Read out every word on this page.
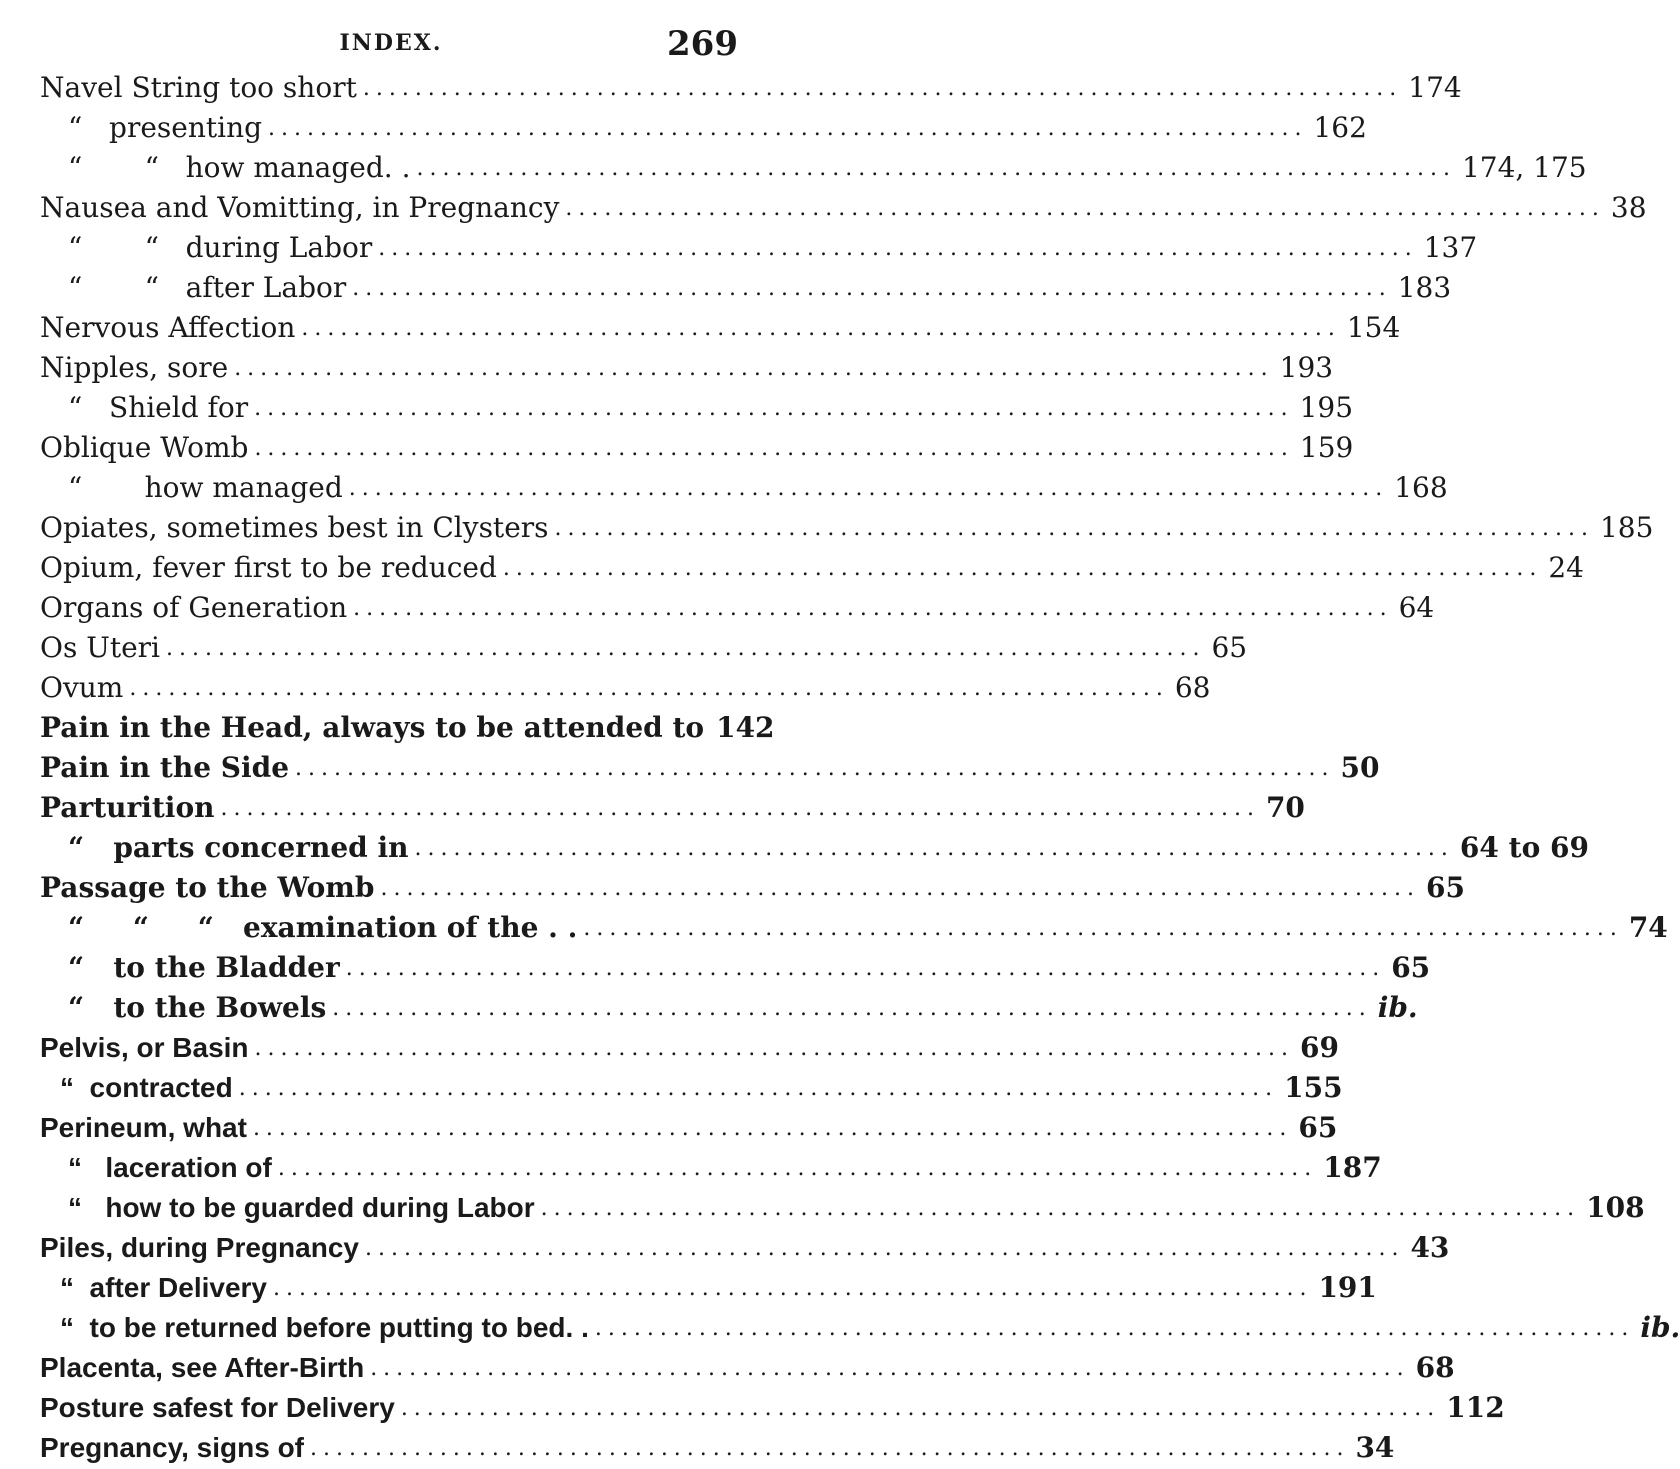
INDEX.	269
Navel String too short ................................................................................ 174
“   presenting ................................................................................ 162
“       “   how managed. . ................................................................................ 174, 175
Nausea and Vomitting, in Pregnancy ................................................................................ 38
“       “   during Labor ................................................................................ 137
“       “   after Labor ................................................................................ 183
Nervous Affection ................................................................................ 154
Nipples, sore ................................................................................ 193
“   Shield for ................................................................................ 195
Oblique Womb ................................................................................ 159
“       how managed ................................................................................ 168
Opiates, sometimes best in Clysters ................................................................................ 185
Opium, fever first to be reduced ................................................................................ 24
Organs of Generation ................................................................................ 64
Os Uteri ................................................................................ 65
Ovum ................................................................................ 68
Pain in the Head, always to be attended to 142
Pain in the Side ................................................................................ 50
Parturition ................................................................................ 70
“   parts concerned in ................................................................................ 64 to 69
Passage to the Womb ................................................................................ 65
“     “     “   examination of the . . ................................................................................ 74
“   to the Bladder ................................................................................ 65
“   to the Bowels ................................................................................ ib.
Pelvis, or Basin ................................................................................ 69
“  contracted ................................................................................ 155
Perineum, what ................................................................................ 65
“   laceration of ................................................................................ 187
“   how to be guarded during Labor ................................................................................ 108
Piles, during Pregnancy ................................................................................ 43
“  after Delivery ................................................................................ 191
“  to be returned before putting to bed. . ................................................................................ ib.
Placenta, see After-Birth ................................................................................ 68
Posture safest for Delivery ................................................................................ 112
Pregnancy, signs of ................................................................................ 34
